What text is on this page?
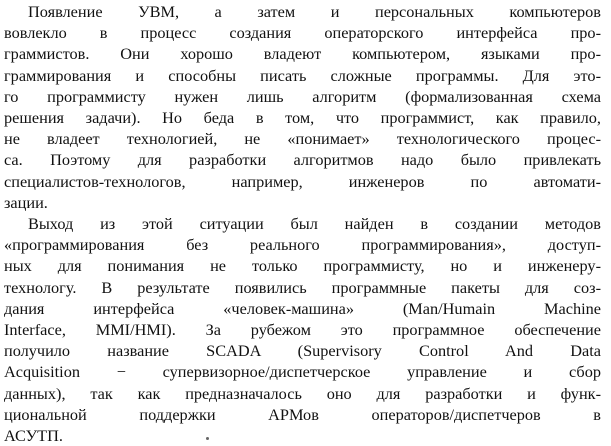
Появление УВМ, а затем и персональных компьютеров
вовлекло в процесс создания операторского интерфейса про-
граммистов. Они хорошо владеют компьютером, языками про-
граммирования и способны писать сложные программы. Для это-
го программисту нужен лишь алгоритм (формализованная схема
решения задачи). Но беда в том, что программист, как правило,
не владеет технологией, не «понимает» технологического процес-
са. Поэтому для разработки алгоритмов надо было привлекать
специалистов-технологов, например, инженеров по автомати-
зации.
Выход из этой ситуации был найден в создании методов
«программирования без реального программирования», доступ-
ных для понимания не только программисту, но и инженеру-
технологу. В результате появились программные пакеты для соз-
дания интерфейса «человек-машина» (Man/Humain Machine
Interface, MMI/HMI). За рубежом это программное обеспечение
получило название SCADA (Supervisory Control And Data
Acquisition − супервизорное/диспетчерское управление и сбор
данных), так как предназначалось оно для разработки и функ-
циональной поддержки АРМов операторов/диспетчеров в
АСУТП.
